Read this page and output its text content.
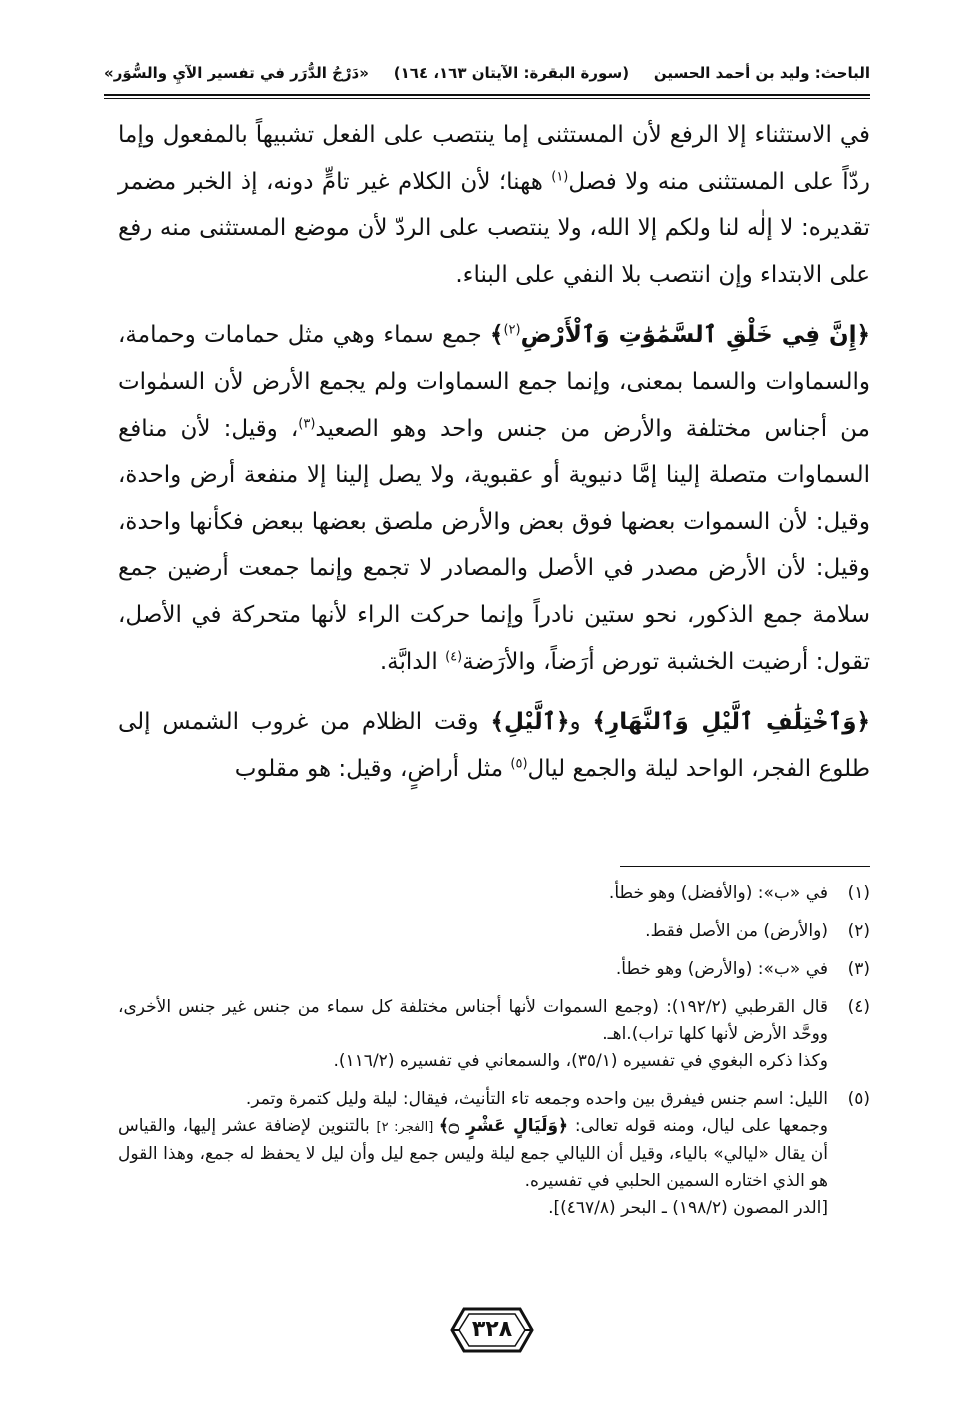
الباحث: وليد بن أحمد الحسين
(سورة البقرة: الآيتان ١٦٣، ١٦٤)
«دَرْجُ الدُّرَر في تفسير الآيِ والسُّوَر»

في الاستثناء إلا الرفع لأن المستثنى إما ينتصب على الفعل تشبيهاً بالمفعول وإما ردّاً على المستثنى منه ولا فصل$^{(١)}$ ههنا؛ لأن الكلام غير تامٍّ دونه، إذ الخبر مضمر تقديره: لا إلٰه لنا ولكم إلا الله، ولا ينتصب على الردّ لأن موضع المستثنى منه رفع على الابتداء وإن انتصب بلا النفي على البناء.

﴿إِنَّ فِي خَلْقِ ٱلسَّمَٰوَٰتِ وَٱلْأَرْضِ$^{(٢)}$﴾ جمع سماء وهي مثل حمامات وحمامة، والسماوات والسما بمعنى، وإنما جمع السماوات ولم يجمع الأرض لأن السمٰوات من أجناس مختلفة والأرض من جنس واحد وهو الصعيد$^{(٣)}$، وقيل: لأن منافع السماوات متصلة إلينا إمَّا دنيوية أو عقبوية، ولا يصل إلينا إلا منفعة أرض واحدة، وقيل: لأن السموات بعضها فوق بعض والأرض ملصق بعضها ببعض فكأنها واحدة، وقيل: لأن الأرض مصدر في الأصل والمصادر لا تجمع وإنما جمعت أرضين جمع سلامة جمع الذكور، نحو ستين نادراً وإنما حركت الراء لأنها متحركة في الأصل، تقول: أرضيت الخشبة تورض أرَضاً، والأرَضة$^{(٤)}$ الدابَّة.

﴿وَٱخْتِلَٰفِ ٱلَّيْلِ وَٱلنَّهَارِ﴾ و﴿ٱلَّيْلِ﴾ وقت الظلام من غروب الشمس إلى طلوع الفجر، الواحد ليلة والجمع ليال$^{(٥)}$ مثل أراضٍ، وقيل: هو مقلوب

(١)
في «ب»: (والأفضل) وهو خطأ.
(٢)
(والأرض) من الأصل فقط.
(٣)
في «ب»: (والأرض) وهو خطأ.
(٤)
قال القرطبي (١٩٢/٢): (وجمع السموات لأنها أجناس مختلفة كل سماء من جنس غير جنس الأخرى، ووحَّد الأرض لأنها كلها تراب).اهـ.
وكذا ذكره البغوي في تفسيره (٣٥/١)، والسمعاني في تفسيره (١١٦/٢).
(٥)
الليل: اسم جنس فيفرق بين واحده وجمعه تاء التأنيث، فيقال: ليلة وليل كتمرة وتمر.
وجمعها على ليال، ومنه قوله تعالى: ﴿وَلَيَالٍ عَشْرٍ ۝﴾ [الفجر: ٢] بالتنوين لإضافة عشر إليها، والقياس أن يقال «ليالي» بالياء، وقيل أن الليالي جمع ليلة وليس جمع ليل وأن ليل لا يحفظ له جمع، وهذا القول هو الذي اختاره السمين الحلبي في تفسيره.
[الدر المصون (١٩٨/٢) ـ البحر (٤٦٧/٨)].
٣٢٨
